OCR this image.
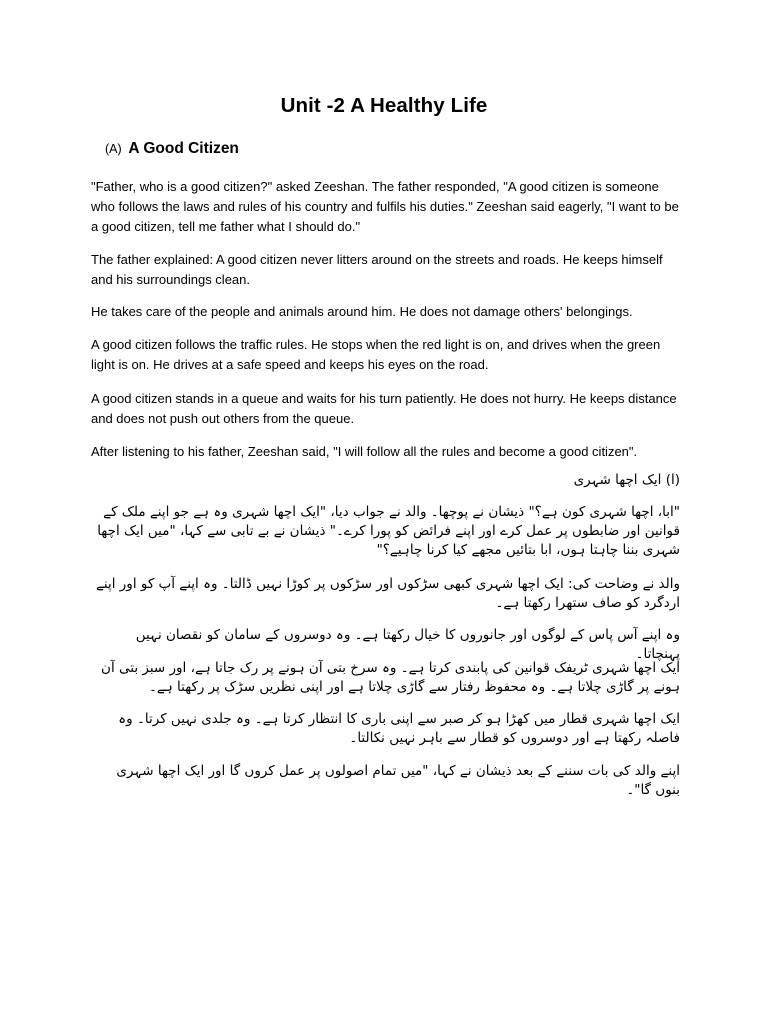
Unit -2 A Healthy Life
(A) A Good Citizen
"Father, who is a good citizen?" asked Zeeshan. The father responded, "A good citizen is someone who follows the laws and rules of his country and fulfils his duties." Zeeshan said eagerly, "I want to be a good citizen, tell me father what I should do."
The father explained: A good citizen never litters around on the streets and roads. He keeps himself and his surroundings clean.
He takes care of the people and animals around him. He does not damage others' belongings.
A good citizen follows the traffic rules. He stops when the red light is on, and drives when the green light is on. He drives at a safe speed and keeps his eyes on the road.
A good citizen stands in a queue and waits for his turn patiently. He does not hurry. He keeps distance and does not push out others from the queue.
After listening to his father, Zeeshan said, "I will follow all the rules and become a good citizen".
(ا) ایک اچھا شہری
"ابا، اچھا شہری کون ہے؟" ذیشان نے پوچھا۔ والد نے جواب دیا، "ایک اچھا شہری وہ ہے جو اپنے ملک کے قوانین اور ضابطوں پر عمل کرے اور اپنے فرائض کو پورا کرے۔" ذیشان نے بے تابی سے کہا، "میں ایک اچھا شہری بننا چاہتا ہوں، ابا بتائیں مجھے کیا کرنا چاہیے؟"
والد نے وضاحت کی: ایک اچھا شہری کبھی سڑکوں اور سڑکوں پر کوڑا نہیں ڈالتا۔ وہ اپنے آپ کو اور اپنے اردگرد کو صاف ستھرا رکھتا ہے۔
وہ اپنے آس پاس کے لوگوں اور جانوروں کا خیال رکھتا ہے۔ وہ دوسروں کے سامان کو نقصان نہیں پہنچاتا۔
ایک اچھا شہری ٹریفک قوانین کی پابندی کرتا ہے۔ وہ سرخ بتی آن ہونے پر رک جاتا ہے، اور سبز بتی آن ہونے پر گاڑی چلاتا ہے۔ وہ محفوظ رفتار سے گاڑی چلاتا ہے اور اپنی نظریں سڑک پر رکھتا ہے۔
ایک اچھا شہری قطار میں کھڑا ہو کر صبر سے اپنی باری کا انتظار کرتا ہے۔ وہ جلدی نہیں کرتا۔ وہ فاصلہ رکھتا ہے اور دوسروں کو قطار سے باہر نہیں نکالتا۔
اپنے والد کی بات سننے کے بعد ذیشان نے کہا، "میں تمام اصولوں پر عمل کروں گا اور ایک اچھا شہری بنوں گا"۔
